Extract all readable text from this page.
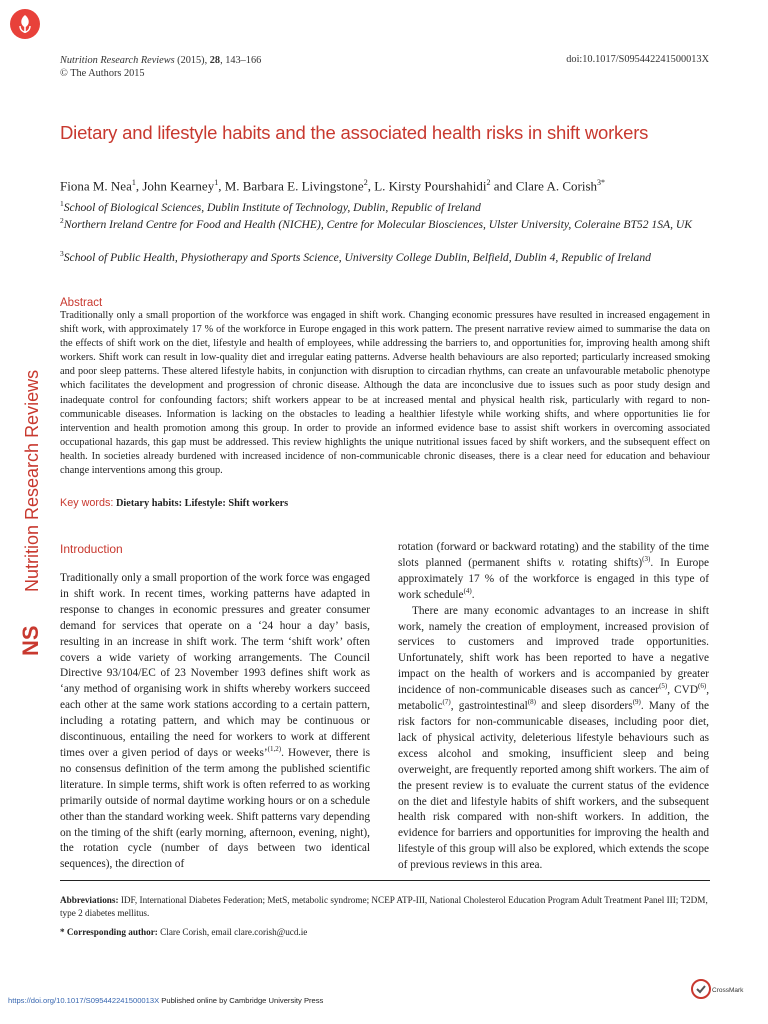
Nutrition Research Reviews (2015), 28, 143–166
© The Authors 2015
doi:10.1017/S095442241500013X
Dietary and lifestyle habits and the associated health risks in shift workers
Fiona M. Nea$^1$, John Kearney$^1$, M. Barbara E. Livingstone$^2$, L. Kirsty Pourshahidi$^2$ and Clare A. Corish$^{3*}$
$^1$School of Biological Sciences, Dublin Institute of Technology, Dublin, Republic of Ireland
$^2$Northern Ireland Centre for Food and Health (NICHE), Centre for Molecular Biosciences, Ulster University, Coleraine BT52 1SA, UK
$^3$School of Public Health, Physiotherapy and Sports Science, University College Dublin, Belfield, Dublin 4, Republic of Ireland
Nutrition Research Reviews
NS
Abstract
Traditionally only a small proportion of the workforce was engaged in shift work. Changing economic pressures have resulted in increased engagement in shift work, with approximately 17 % of the workforce in Europe engaged in this work pattern. The present narrative review aimed to summarise the data on the effects of shift work on the diet, lifestyle and health of employees, while addressing the barriers to, and opportunities for, improving health among shift workers. Shift work can result in low-quality diet and irregular eating patterns. Adverse health behaviours are also reported; particularly increased smoking and poor sleep patterns. These altered lifestyle habits, in conjunction with disruption to circadian rhythms, can create an unfavourable metabolic phenotype which facilitates the development and progression of chronic disease. Although the data are inconclusive due to issues such as poor study design and inadequate control for confounding factors; shift workers appear to be at increased mental and physical health risk, particularly with regard to non-communicable diseases. Information is lacking on the obstacles to leading a healthier lifestyle while working shifts, and where opportunities lie for intervention and health promotion among this group. In order to provide an informed evidence base to assist shift workers in overcoming associated occupational hazards, this gap must be addressed. This review highlights the unique nutritional issues faced by shift workers, and the subsequent effect on health. In societies already burdened with increased incidence of non-communicable chronic diseases, there is a clear need for education and behaviour change interventions among this group.
Key words: Dietary habits: Lifestyle: Shift workers
Introduction

Traditionally only a small proportion of the work force was engaged in shift work. In recent times, working patterns have adapted in response to changes in economic pressures and greater consumer demand for services that operate on a ‘24 hour a day’ basis, resulting in an increase in shift work. The term ‘shift work’ often covers a wide variety of working arrangements. The Council Directive 93/104/EC of 23 November 1993 defines shift work as ‘any method of organising work in shifts whereby workers succeed each other at the same work stations according to a certain pattern, including a rotating pattern, and which may be continuous or discontinuous, entailing the need for workers to work at different times over a given period of days or weeks’$^{(1,2)}$. However, there is no consensus definition of the term among the published scientific literature. In simple terms, shift work is often referred to as working primarily outside of normal daytime working hours or on a schedule other than the standard working week. Shift patterns vary depending on the timing of the shift (early morning, afternoon, evening, night), the rotation cycle (number of days between two identical sequences), the direction of

rotation (forward or backward rotating) and the stability of the time slots planned (permanent shifts v. rotating shifts)$^{(3)}$. In Europe approximately 17 % of the workforce is engaged in this type of work schedule$^{(4)}$.

There are many economic advantages to an increase in shift work, namely the creation of employment, increased provision of services to customers and improved trade opportunities. Unfortunately, shift work has been reported to have a negative impact on the health of workers and is accompanied by greater incidence of non-communicable diseases such as cancer$^{(5)}$, CVD$^{(6)}$, metabolic$^{(7)}$, gastrointestinal$^{(8)}$ and sleep disorders$^{(9)}$. Many of the risk factors for non-communicable diseases, including poor diet, lack of physical activity, deleterious lifestyle behaviours such as excess alcohol and smoking, insufficient sleep and being overweight, are frequently reported among shift workers. The aim of the present review is to evaluate the current status of the evidence on the diet and lifestyle habits of shift workers, and the subsequent health risk compared with non-shift workers. In addition, the evidence for barriers and opportunities for improving the health and lifestyle of this group will also be explored, which extends the scope of previous reviews in this area.

Abbreviations: IDF, International Diabetes Federation; MetS, metabolic syndrome; NCEP ATP-III, National Cholesterol Education Program Adult Treatment Panel III; T2DM, type 2 diabetes mellitus.
* Corresponding author: Clare Corish, email clare.corish@ucd.ie
CrossMark
https://doi.org/10.1017/S095442241500013X Published online by Cambridge University Press
